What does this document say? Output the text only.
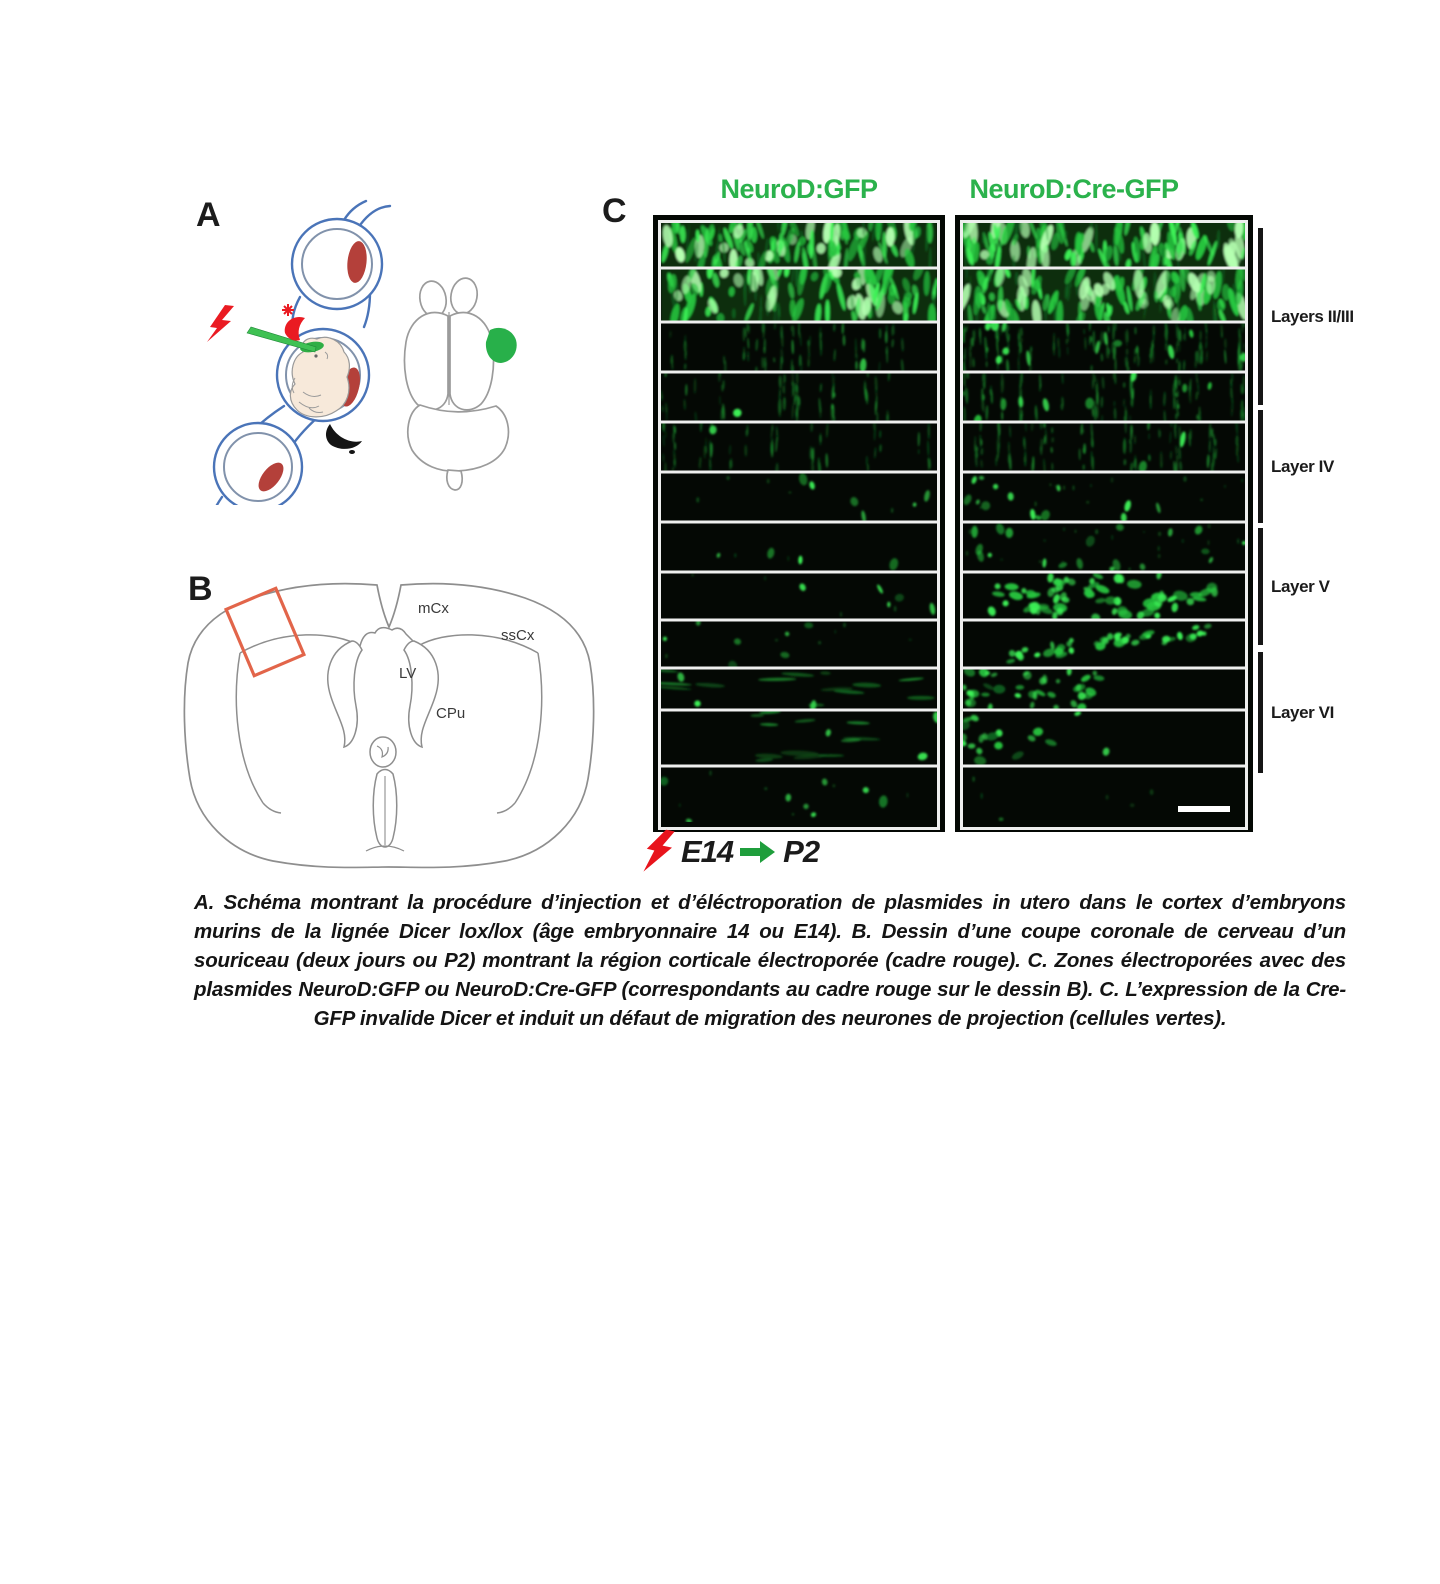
A
B
mCx
ssCx
LV
CPu
C
NeuroD:GFP	NeuroD:Cre-GFP
Layers II/III
Layer IV
Layer V
Layer VI
E14 P2
A. Schéma montrant la procédure d’injection et d’éléctroporation de plasmides in utero dans le cortex d’embryons murins de la lignée Dicer lox/lox (âge embryonnaire 14 ou E14). B. Dessin d’une coupe coronale de cerveau d’un souriceau (deux jours ou P2) montrant la région corticale électroporée (cadre rouge). C. Zones électroporées avec des plasmides NeuroD:GFP ou NeuroD:Cre-GFP (correspondants au cadre rouge sur le dessin B). C. L’expression de la Cre-GFP invalide Dicer et induit un défaut de migration des neurones de projection (cellules vertes).
